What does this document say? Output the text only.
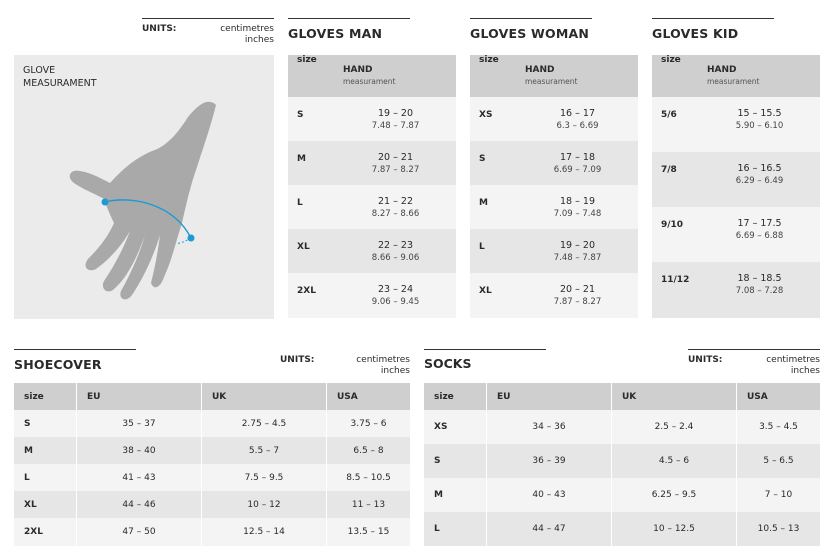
UNITS:	centimetres
inches
GLOVE
MEASURAMENT
GLOVES MAN
size	HAND
measurament

S	19 – 20
7.48 – 7.87

M	20 – 21
7.87 – 8.27

L	21 – 22
8.27 – 8.66

XL	22 – 23
8.66 – 9.06

2XL	23 – 24
9.06 – 9.45
GLOVES WOMAN
size	HAND
measurament

XS	16 – 17
6.3 – 6.69

S	17 – 18
6.69 – 7.09

M	18 – 19
7.09 – 7.48

L	19 – 20
7.48 – 7.87

XL	20 – 21
7.87 – 8.27
GLOVES KID
size	HAND
measurament

5/6	15 – 15.5
5.90 – 6.10

7/8	16 – 16.5
6.29 – 6.49

9/10	17 – 17.5
6.69 – 6.88

11/12	18 – 18.5
7.08 – 7.28
SHOECOVER	UNITS:	centimetres
inches
size	EU	UK	USA
S	35 – 37	2.75 – 4.5	3.75 – 6
M	38 – 40	5.5 – 7	6.5 – 8
L	41 – 43	7.5 – 9.5	8.5 – 10.5
XL	44 – 46	10 – 12	11 – 13
2XL	47 – 50	12.5 – 14	13.5 – 15
SOCKS	UNITS:	centimetres
inches
size	EU	UK	USA
XS	34 – 36	2.5 – 2.4	3.5 – 4.5
S	36 – 39	4.5 – 6	5 – 6.5
M	40 – 43	6.25 – 9.5	7 – 10
L	44 – 47	10 – 12.5	10.5 – 13
